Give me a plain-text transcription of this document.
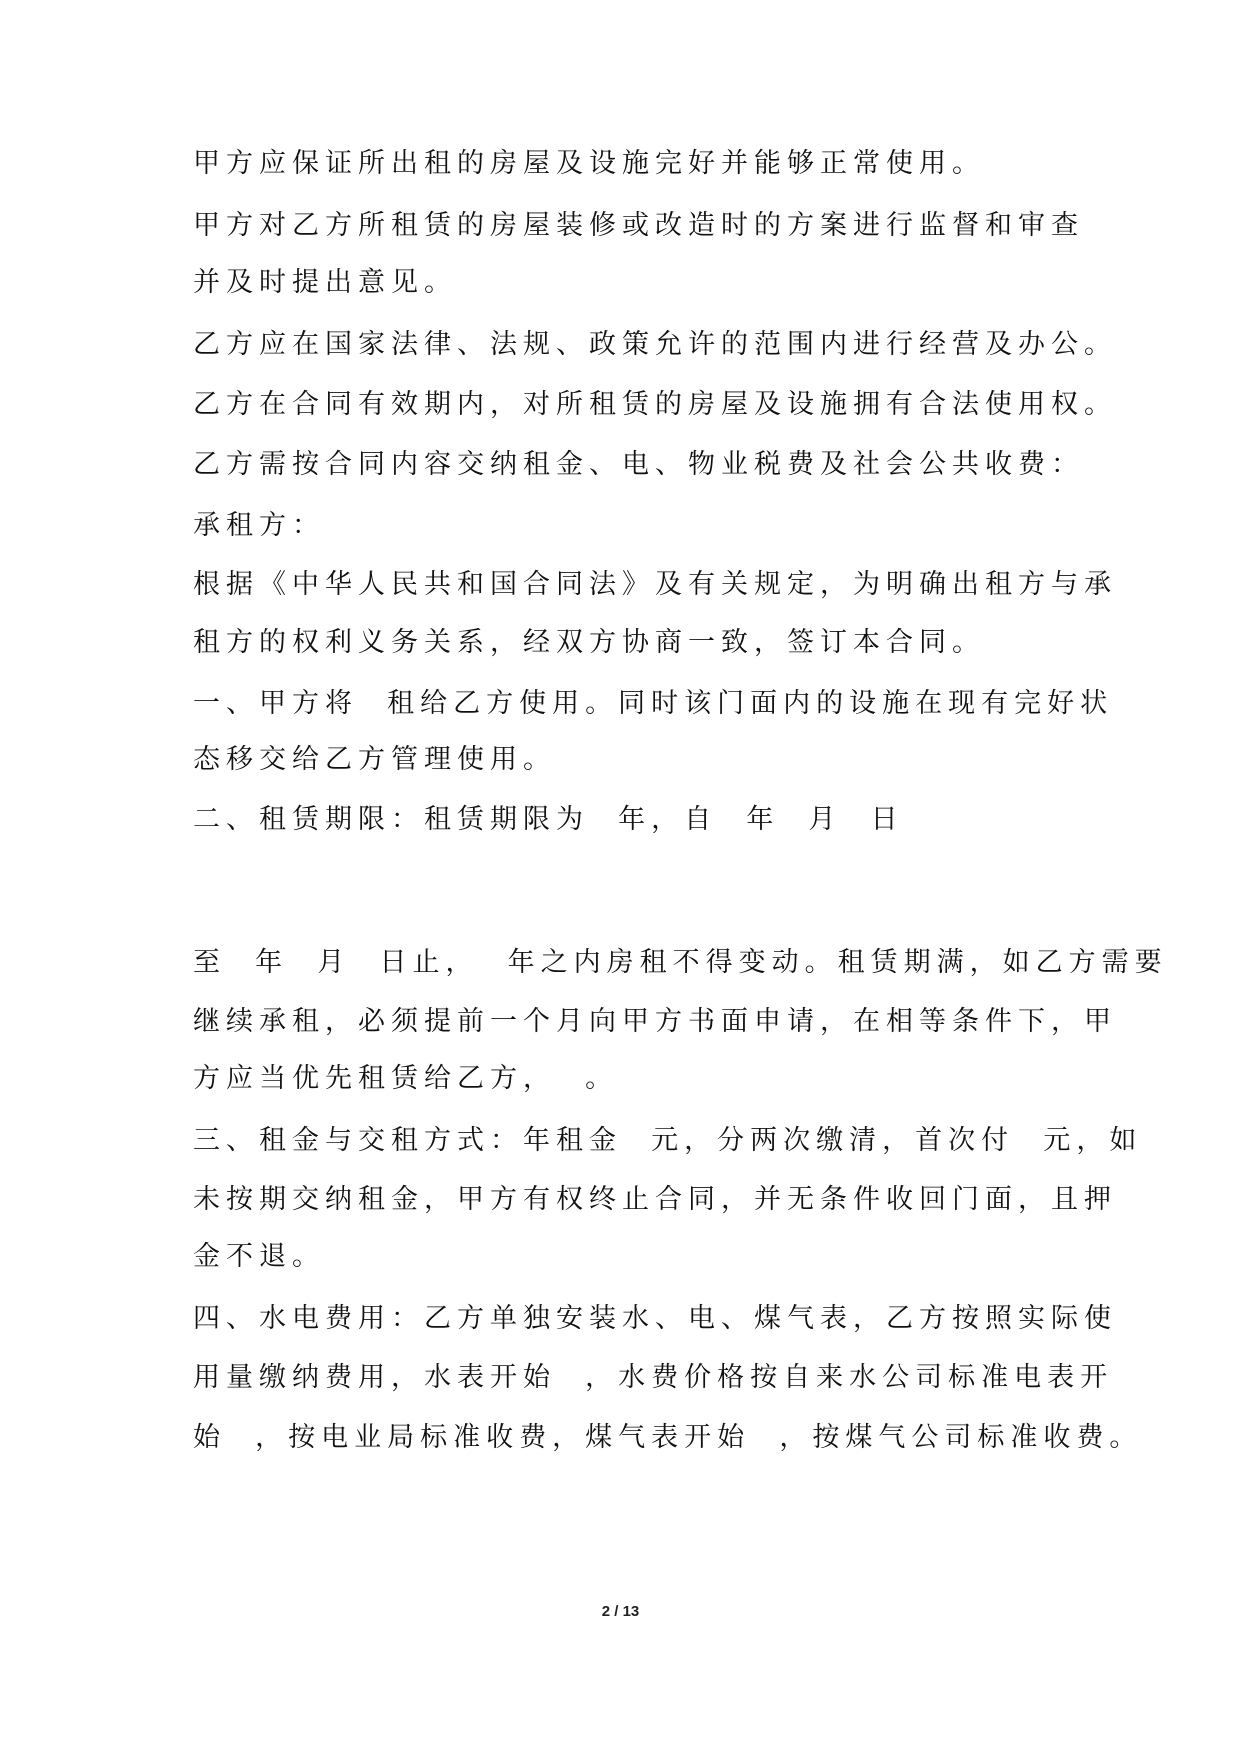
甲方应保证所出租的房屋及设施完好并能够正常使用。
甲方对乙方所租赁的房屋装修或改造时的方案进行监督和审查
并及时提出意见。
乙方应在国家法律、法规、政策允许的范围内进行经营及办公。
乙方在合同有效期内，对所租赁的房屋及设施拥有合法使用权。
乙方需按合同内容交纳租金、电、物业税费及社会公共收费：
承租方：
根据《中华人民共和国合同法》及有关规定，为明确出租方与承
租方的权利义务关系，经双方协商一致，签订本合同。
一、甲方将  租给乙方使用。同时该门面内的设施在现有完好状
态移交给乙方管理使用。
二、租赁期限：租赁期限为  年，自  年  月  日
至  年  月  日止，  年之内房租不得变动。租赁期满，如乙方需要
继续承租，必须提前一个月向甲方书面申请，在相等条件下，甲
方应当优先租赁给乙方，  。
三、租金与交租方式：年租金  元，分两次缴清，首次付  元，如
未按期交纳租金，甲方有权终止合同，并无条件收回门面，且押
金不退。
四、水电费用：乙方单独安装水、电、煤气表，乙方按照实际使
用量缴纳费用，水表开始  ，水费价格按自来水公司标准电表开
始  ，按电业局标准收费，煤气表开始  ，按煤气公司标准收费。
2 / 13
